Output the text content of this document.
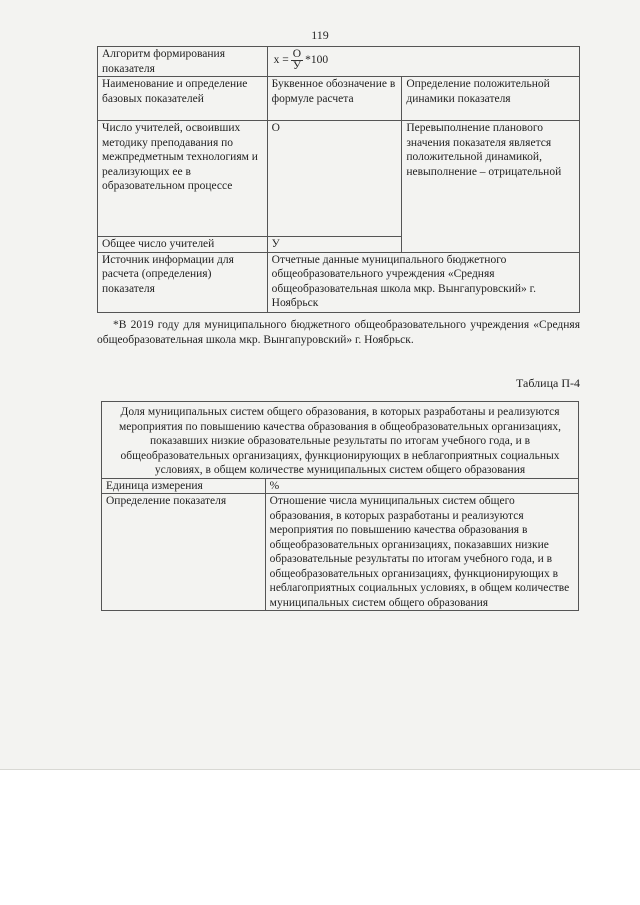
119
Алгоритм формирования показателя	$х = \frac{О}{У} *100$	

Наименование и определение базовых показателей	Буквенное обозначение в формуле расчета	Определение положительной динамики показателя
Число учителей, освоивших методику преподавания по межпредметным технологиям и реализующих ее в образовательном процессе	О	Перевыполнение планового значения показателя является положительной динамикой, невыполнение – отрицательной
Общее число учителей	У	
Источник информации для расчета (определения) показателя	Отчетные данные муниципального бюджетного общеобразовательного учреждения «Средняя общеобразовательная школа мкр. Вынгапуровский» г. Ноябрьск	

*В 2019 году для муниципального бюджетного общеобразовательного учреждения «Средняя общеобразовательная школа мкр. Вынгапуровский» г. Ноябрьск.

Таблица П-4
Доля муниципальных систем общего образования, в которых разработаны и реализуются мероприятия по повышению качества образования в общеобразовательных организациях, показавших низкие образовательные результаты по итогам учебного года, и в общеобразовательных организациях, функционирующих в неблагоприятных социальных условиях, в общем количестве муниципальных систем общего образования	
Единица измерения	%
Определение показателя	Отношение числа муниципальных систем общего образования, в которых разработаны и реализуются мероприятия по повышению качества образования в общеобразовательных организациях, показавших низкие образовательные результаты по итогам учебного года, и в общеобразовательных организациях, функционирующих в неблагоприятных социальных условиях, в общем количестве муниципальных систем общего образования
